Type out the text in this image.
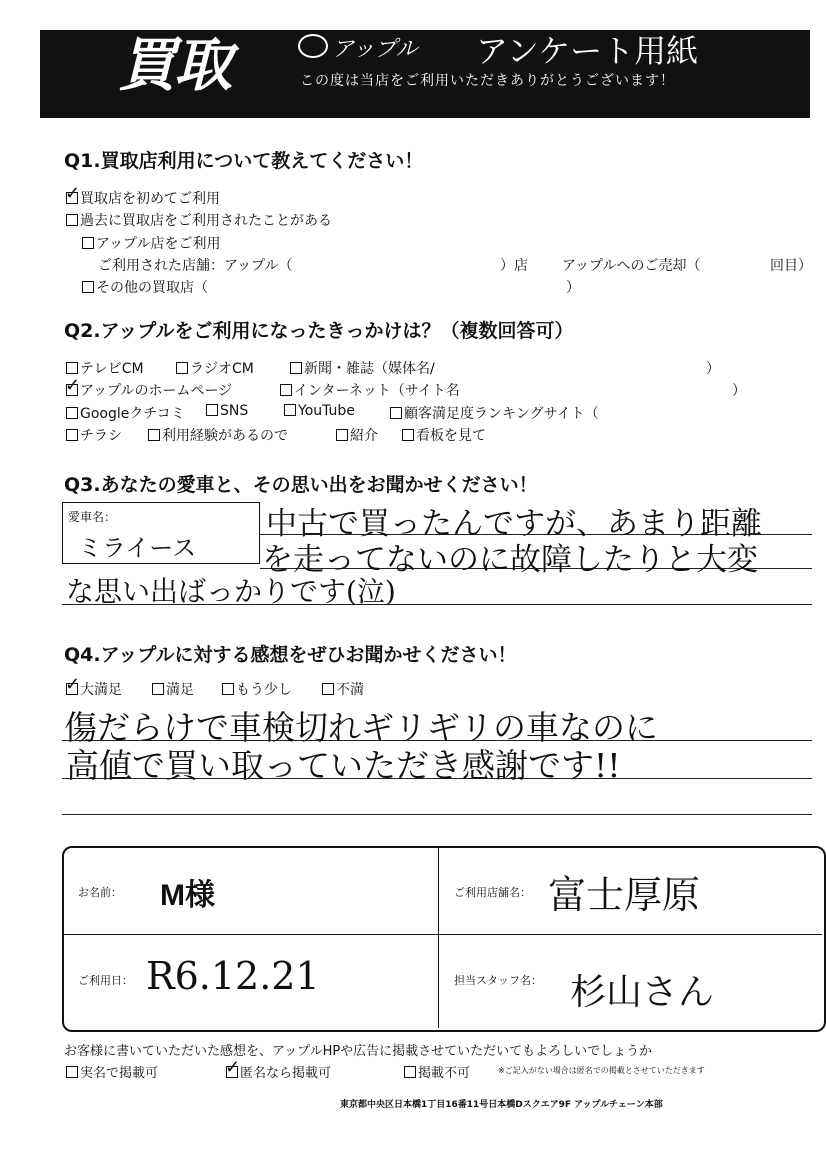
買取	アップル アンケート用紙
この度は当店をご利用いただきありがとうございます！
Q1.買取店利用について教えてください！
✓ 買取店を初めてご利用
過去に買取店をご利用されたことがある
アップル店をご利用
ご利用された店舗：アップル（	）店 アップルへのご売却（	回目）
その他の買取店（	）
Q2.アップルをご利用になったきっかけは？（複数回答可）
テレビCM	ラジオCM	新聞・雑誌（媒体名/	）
✓ アップルのホームページ	インターネット（サイト名	）
Googleクチコミ	SNS	YouTube	顧客満足度ランキングサイト（
チラシ	利用経験があるので	紹介	看板を見て
Q3.あなたの愛車と、その思い出をお聞かせください！
愛車名：
ミライース
中古で買ったんですが、あまり距離
を走ってないのに故障したりと大変
な思い出ばっかりです(泣)
Q4.アップルに対する感想をぜひお聞かせください！
✓ 大満足	満足	もう少し	不満
傷だらけで車検切れギリギリの車なのに
高値で買い取っていただき感謝です!!
お名前： M様	ご利用店舗名： 富士厚原
ご利用日： R6.12.21	担当スタッフ名： 杉山さん
お客様に書いていただいた感想を、アップルHPや広告に掲載させていただいてもよろしいでしょうか
実名で掲載可	✓ 匿名なら掲載可	掲載不可	※ご記入がない場合は匿名での掲載とさせていただきます
東京都中央区日本橋1丁目16番11号日本橋Dスクエア9F アップルチェーン本部
